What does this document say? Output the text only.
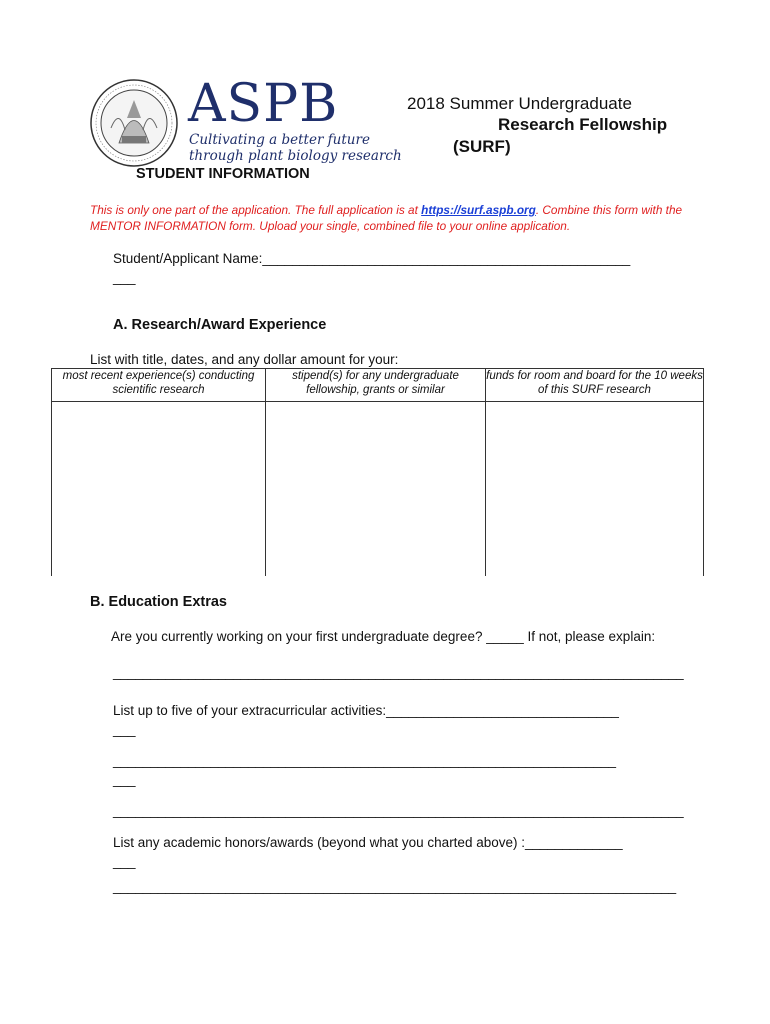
ASPB
Cultivating a better future
through plant biology research
2018 Summer Undergraduate
Research Fellowship
(SURF)
STUDENT INFORMATION
This is only one part of the application. The full application is at https://surf.aspb.org. Combine this form with the MENTOR INFORMATION form. Upload your single, combined file to your online application.
Student/Applicant Name:_________________________________________________
___
A. Research/Award Experience
List with title, dates, and any dollar amount for your:
most recent experience(s) conducting scientific research	stipend(s) for any undergraduate fellowship, grants or similar	funds for room and board for the 10 weeks of this SURF research

B. Education Extras
Are you currently working on your first undergraduate degree? _____ If not, please explain:
____________________________________________________________________________
List up to five of your extracurricular activities:_______________________________
___
___________________________________________________________________
___
____________________________________________________________________________
List any academic honors/awards (beyond what you charted above) :_____________
___
___________________________________________________________________________
